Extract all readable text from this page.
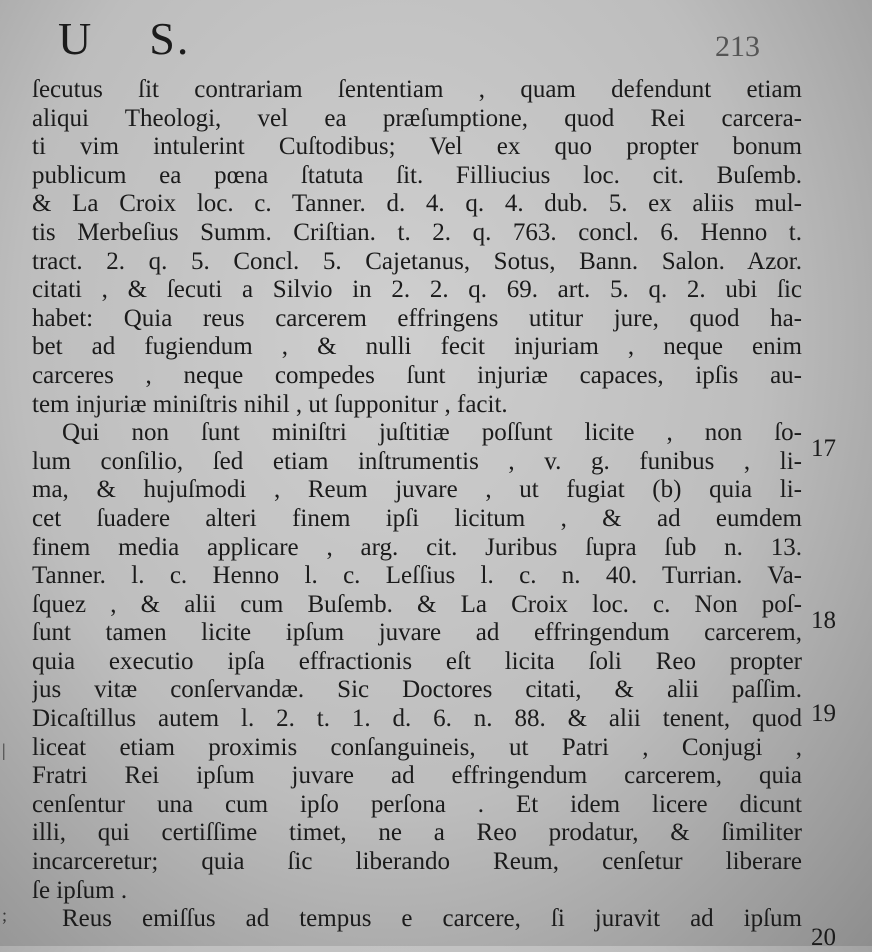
U S.	213
ſecutus ſit contrariam ſententiam , quam defendunt etiam
aliqui Theologi, vel ea præſumptione, quod Rei carcera-
ti vim intulerint Cuſtodibus; Vel ex quo propter bonum
publicum ea pœna ſtatuta ſit. Filliucius loc. cit. Buſemb.
& La Croix loc. c. Tanner. d. 4. q. 4. dub. 5. ex aliis mul-
tis Merbeſius Summ. Criſtian. t. 2. q. 763. concl. 6. Henno t.
tract. 2. q. 5. Concl. 5. Cajetanus, Sotus, Bann. Salon. Azor.
citati , & ſecuti a Silvio in 2. 2. q. 69. art. 5. q. 2. ubi ſic
habet: Quia reus carcerem effringens utitur jure, quod ha-
bet ad fugiendum , & nulli fecit injuriam , neque enim
carceres , neque compedes ſunt injuriæ capaces, ipſis au-
tem injuriæ miniſtris nihil , ut ſupponitur , facit.
Qui non ſunt miniſtri juſtitiæ poſſunt licite , non ſo-
lum conſilio, ſed etiam inſtrumentis , v. g. funibus , li-
ma, & hujuſmodi , Reum juvare , ut fugiat (b) quia li-
cet ſuadere alteri finem ipſi licitum , & ad eumdem
finem media applicare , arg. cit. Juribus ſupra ſub n. 13.
Tanner. l. c. Henno l. c. Leſſius l. c. n. 40. Turrian. Va-
ſquez , & alii cum Buſemb. & La Croix loc. c. Non poſ-
ſunt tamen licite ipſum juvare ad effringendum carcerem,
quia executio ipſa effractionis eſt licita ſoli Reo propter
jus vitæ conſervandæ. Sic Doctores citati, & alii paſſim.
Dicaſtillus autem l. 2. t. 1. d. 6. n. 88. & alii tenent, quod
liceat etiam proximis conſanguineis, ut Patri , Conjugi ,
Fratri Rei ipſum juvare ad effringendum carcerem, quia
cenſentur una cum ipſo perſona . Et idem licere dicunt
illi, qui certiſſime timet, ne a Reo prodatur, & ſimiliter
incarceretur; quia ſic liberando Reum, cenſetur liberare
ſe ipſum .
Reus emiſſus ad tempus e carcere, ſi juravit ad ipſum
17
18
19
20
|
;
